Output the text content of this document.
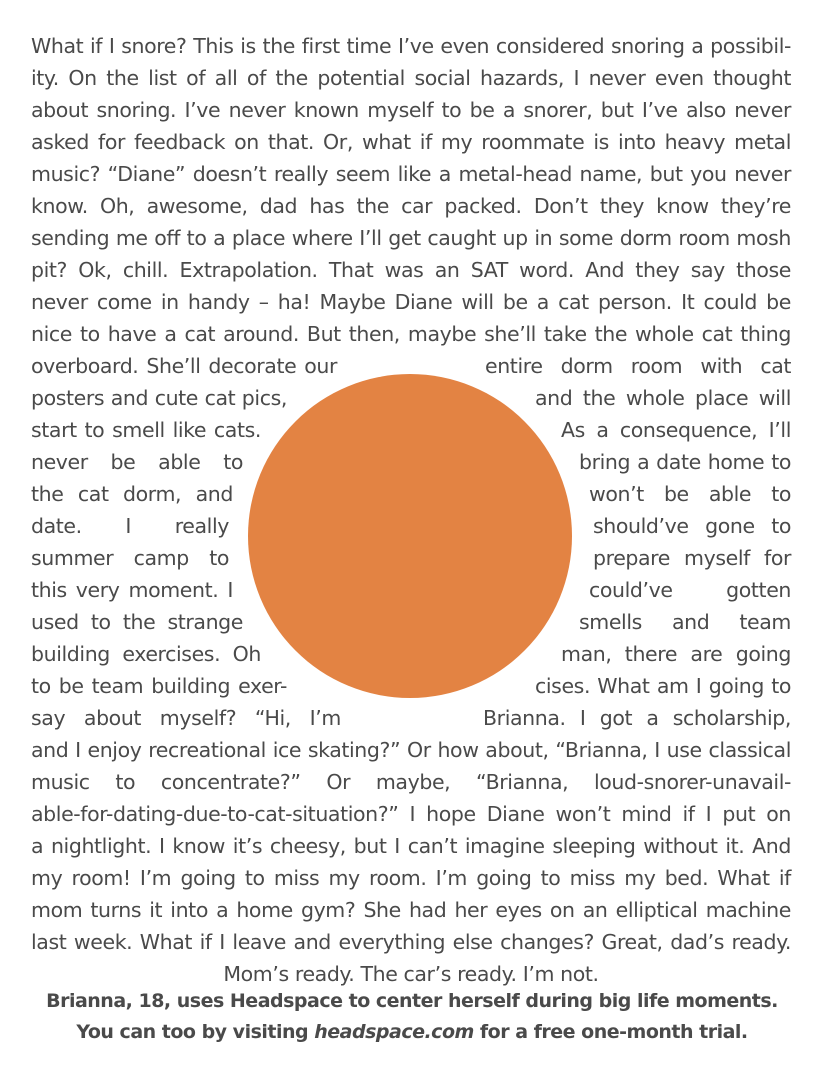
What if I snore? This is the first time I’ve even considered snoring a possibil-
ity. On the list of all of the potential social hazards, I never even thought
about snoring. I’ve never known myself to be a snorer, but I’ve also never
asked for feedback on that. Or, what if my roommate is into heavy metal
music? “Diane” doesn’t really seem like a metal-head name, but you never
know. Oh, awesome, dad has the car packed. Don’t they know they’re
sending me off to a place where I’ll get caught up in some dorm room mosh
pit? Ok, chill. Extrapolation. That was an SAT word. And they say those
never come in handy – ha! Maybe Diane will be a cat person. It could be
nice to have a cat around. But then, maybe she’ll take the whole cat thing
overboard. She’ll decorate our	entire dorm room with cat
posters and cute cat pics,	and the whole place will
start to smell like cats.	As a consequence, I’ll
never be able to	bring a date home to
the cat dorm, and	won’t be able to
date. I really	should’ve gone to
summer camp to	prepare myself for
this very moment. I	could’ve gotten
used to the strange	smells and team
building exercises. Oh	man, there are going
to be team building exer-	cises. What am I going to
say about myself? “Hi, I’m	Brianna. I got a scholarship,
and I enjoy recreational ice skating?” Or how about, “Brianna, I use classical
music to concentrate?” Or maybe, “Brianna, loud-snorer-unavail-
able-for-dating-due-to-cat-situation?” I hope Diane won’t mind if I put on
a nightlight. I know it’s cheesy, but I can’t imagine sleeping without it. And
my room! I’m going to miss my room. I’m going to miss my bed. What if
mom turns it into a home gym? She had her eyes on an elliptical machine
last week. What if I leave and everything else changes? Great, dad’s ready.
Mom’s ready. The car’s ready. I’m not.
Brianna, 18, uses Headspace to center herself during big life moments.
You can too by visiting headspace.com for a free one-month trial.
